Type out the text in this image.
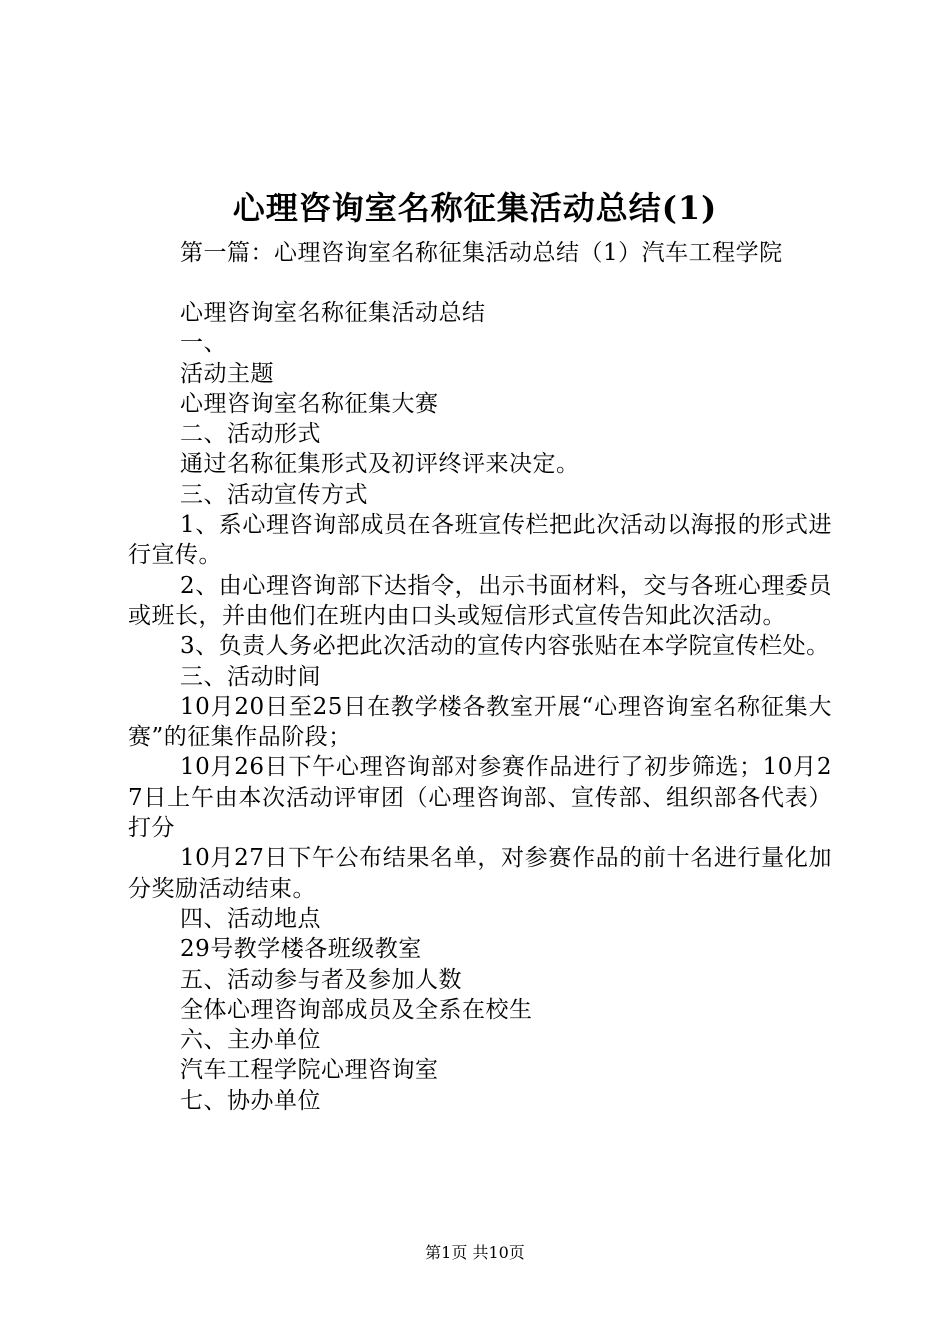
心理咨询室名称征集活动总结(1)
第一篇：心理咨询室名称征集活动总结（1）汽车工程学院

心理咨询室名称征集活动总结

一、

活动主题

心理咨询室名称征集大赛

二、活动形式

通过名称征集形式及初评终评来决定。

三、活动宣传方式

1、系心理咨询部成员在各班宣传栏把此次活动以海报的形式进行宣传。

2、由心理咨询部下达指令，出示书面材料，交与各班心理委员或班长，并由他们在班内由口头或短信形式宣传告知此次活动。

3、负责人务必把此次活动的宣传内容张贴在本学院宣传栏处。

三、活动时间

10月20日至25日在教学楼各教室开展“心理咨询室名称征集大赛”的征集作品阶段；

10月26日下午心理咨询部对参赛作品进行了初步筛选；10月27日上午由本次活动评审团（心理咨询部、宣传部、组织部各代表）打分

10月27日下午公布结果名单，对参赛作品的前十名进行量化加分奖励活动结束。

四、活动地点

29号教学楼各班级教室

五、活动参与者及参加人数

全体心理咨询部成员及全系在校生

六、主办单位

汽车工程学院心理咨询室

七、协办单位

第1页 共10页
